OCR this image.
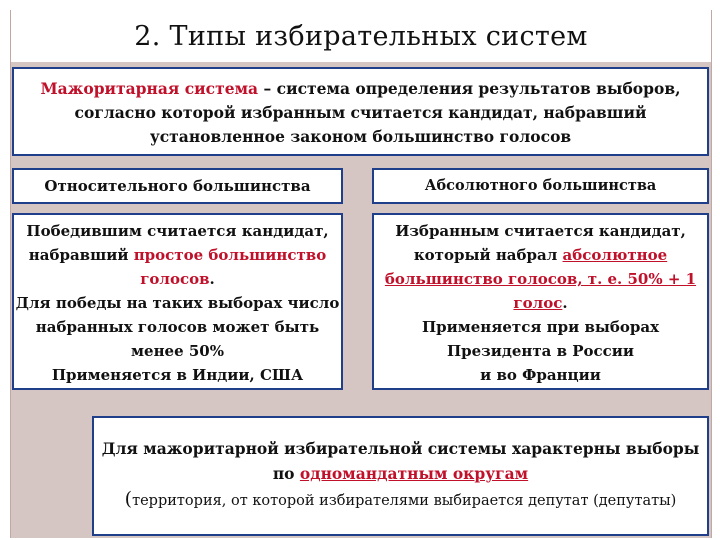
2. Типы избирательных систем
Мажоритарная система – система определения результатов выборов, согласно которой избранным считается кандидат, набравший установленное законом большинство голосов
Относительного большинства	Абсолютного большинства
Победившим считается кандидат, набравший простое большинство голосов.
Для победы на таких выборах число набранных голосов может быть менее 50%
Применяется в Индии, США
Избранным считается кандидат, который набрал абсолютное большинство голосов, т. е. 50% + 1 голос.
Применяется при выборах Президента в России
и во Франции
Для мажоритарной избирательной системы характерны выборы по одномандатным округам
(территория, от которой избирателями выбирается депутат (депутаты)
